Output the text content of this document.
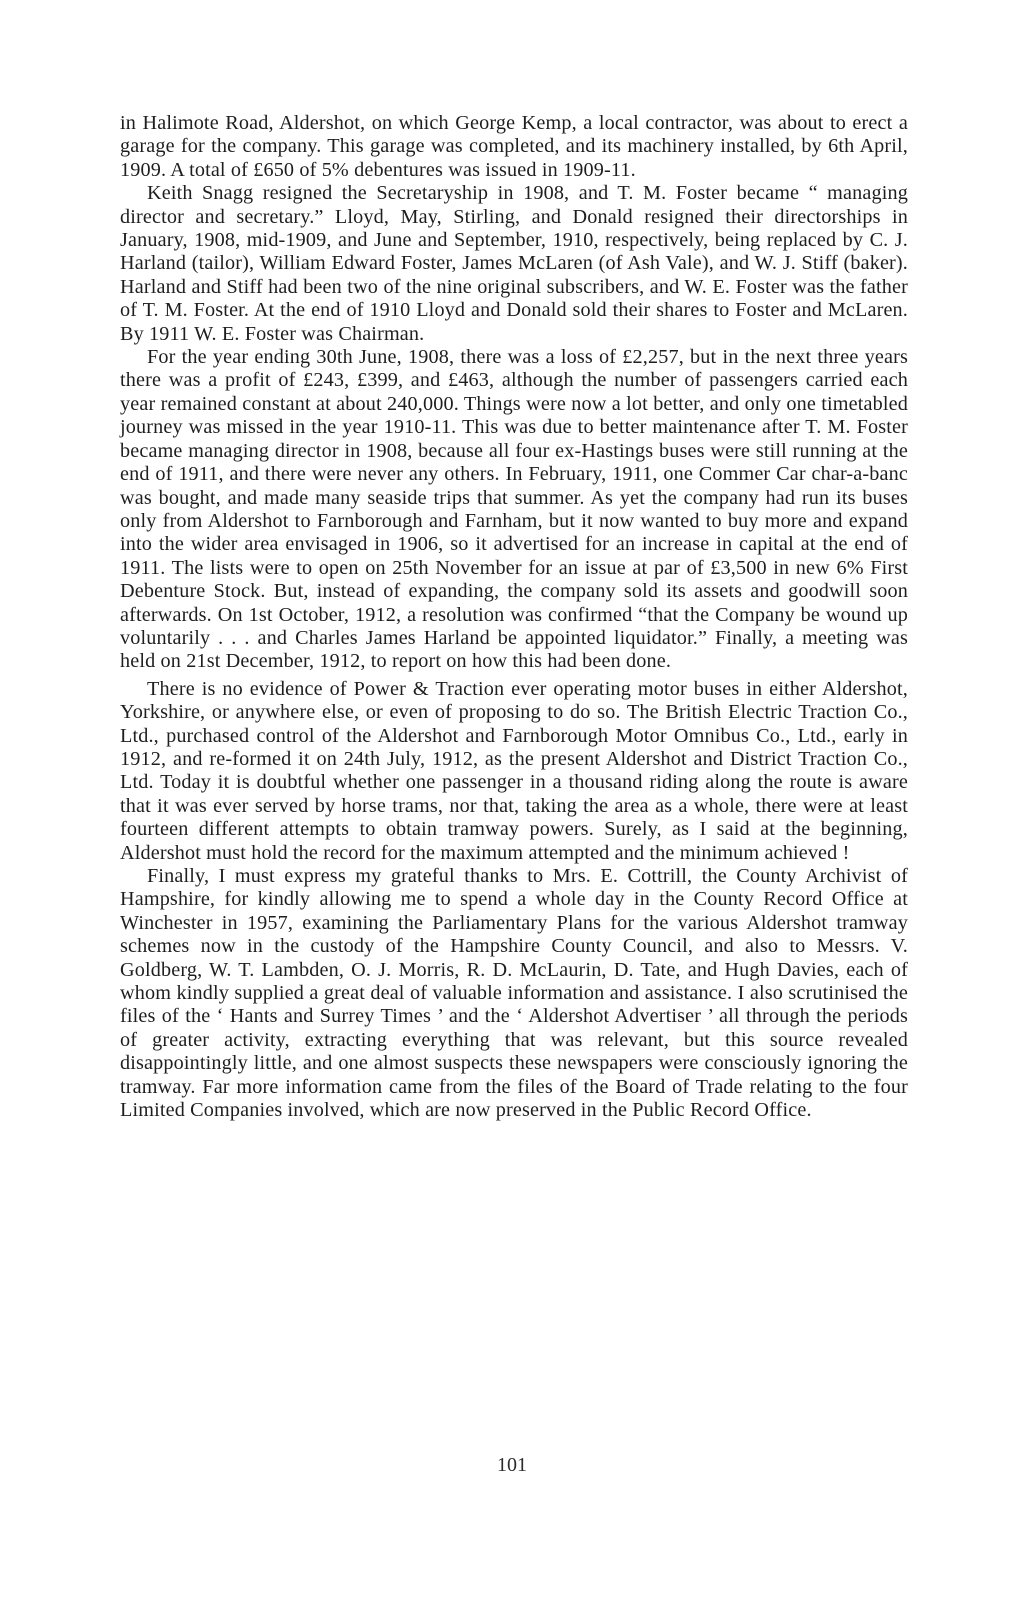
in Halimote Road, Aldershot, on which George Kemp, a local contractor, was about to erect a garage for the company. This garage was completed, and its machinery installed, by 6th April, 1909. A total of £650 of 5% debentures was issued in 1909-11.

Keith Snagg resigned the Secretaryship in 1908, and T. M. Foster became “ managing director and secretary.” Lloyd, May, Stirling, and Donald resigned their directorships in January, 1908, mid-1909, and June and September, 1910, respectively, being replaced by C. J. Harland (tailor), William Edward Foster, James McLaren (of Ash Vale), and W. J. Stiff (baker). Harland and Stiff had been two of the nine original subscribers, and W. E. Foster was the father of T. M. Foster. At the end of 1910 Lloyd and Donald sold their shares to Foster and McLaren. By 1911 W. E. Foster was Chairman.

For the year ending 30th June, 1908, there was a loss of £2,257, but in the next three years there was a profit of £243, £399, and £463, although the number of passengers carried each year remained constant at about 240,000. Things were now a lot better, and only one timetabled journey was missed in the year 1910-11. This was due to better maintenance after T. M. Foster became managing director in 1908, because all four ex-Hastings buses were still running at the end of 1911, and there were never any others. In February, 1911, one Commer Car char-a-banc was bought, and made many seaside trips that summer. As yet the company had run its buses only from Aldershot to Farnborough and Farnham, but it now wanted to buy more and expand into the wider area envisaged in 1906, so it advertised for an increase in capital at the end of 1911. The lists were to open on 25th November for an issue at par of £3,500 in new 6% First Debenture Stock. But, instead of expanding, the company sold its assets and goodwill soon afterwards. On 1st October, 1912, a resolution was confirmed “that the Company be wound up voluntarily . . . and Charles James Harland be appointed liquidator.” Finally, a meeting was held on 21st December, 1912, to report on how this had been done.

There is no evidence of Power & Traction ever operating motor buses in either Aldershot, Yorkshire, or anywhere else, or even of proposing to do so. The British Electric Traction Co., Ltd., purchased control of the Aldershot and Farnborough Motor Omnibus Co., Ltd., early in 1912, and re-formed it on 24th July, 1912, as the present Aldershot and District Traction Co., Ltd. Today it is doubtful whether one passenger in a thousand riding along the route is aware that it was ever served by horse trams, nor that, taking the area as a whole, there were at least fourteen different attempts to obtain tramway powers. Surely, as I said at the beginning, Aldershot must hold the record for the maximum attempted and the minimum achieved !

Finally, I must express my grateful thanks to Mrs. E. Cottrill, the County Archivist of Hampshire, for kindly allowing me to spend a whole day in the County Record Office at Winchester in 1957, examining the Parliamentary Plans for the various Aldershot tramway schemes now in the custody of the Hampshire County Council, and also to Messrs. V. Goldberg, W. T. Lambden, O. J. Morris, R. D. McLaurin, D. Tate, and Hugh Davies, each of whom kindly supplied a great deal of valuable information and assistance. I also scrutinised the files of the ‘ Hants and Surrey Times ’ and the ‘ Aldershot Advertiser ’ all through the periods of greater activity, extracting everything that was relevant, but this source revealed disappointingly little, and one almost suspects these newspapers were consciously ignoring the tramway. Far more information came from the files of the Board of Trade relating to the four Limited Companies involved, which are now preserved in the Public Record Office.

101
